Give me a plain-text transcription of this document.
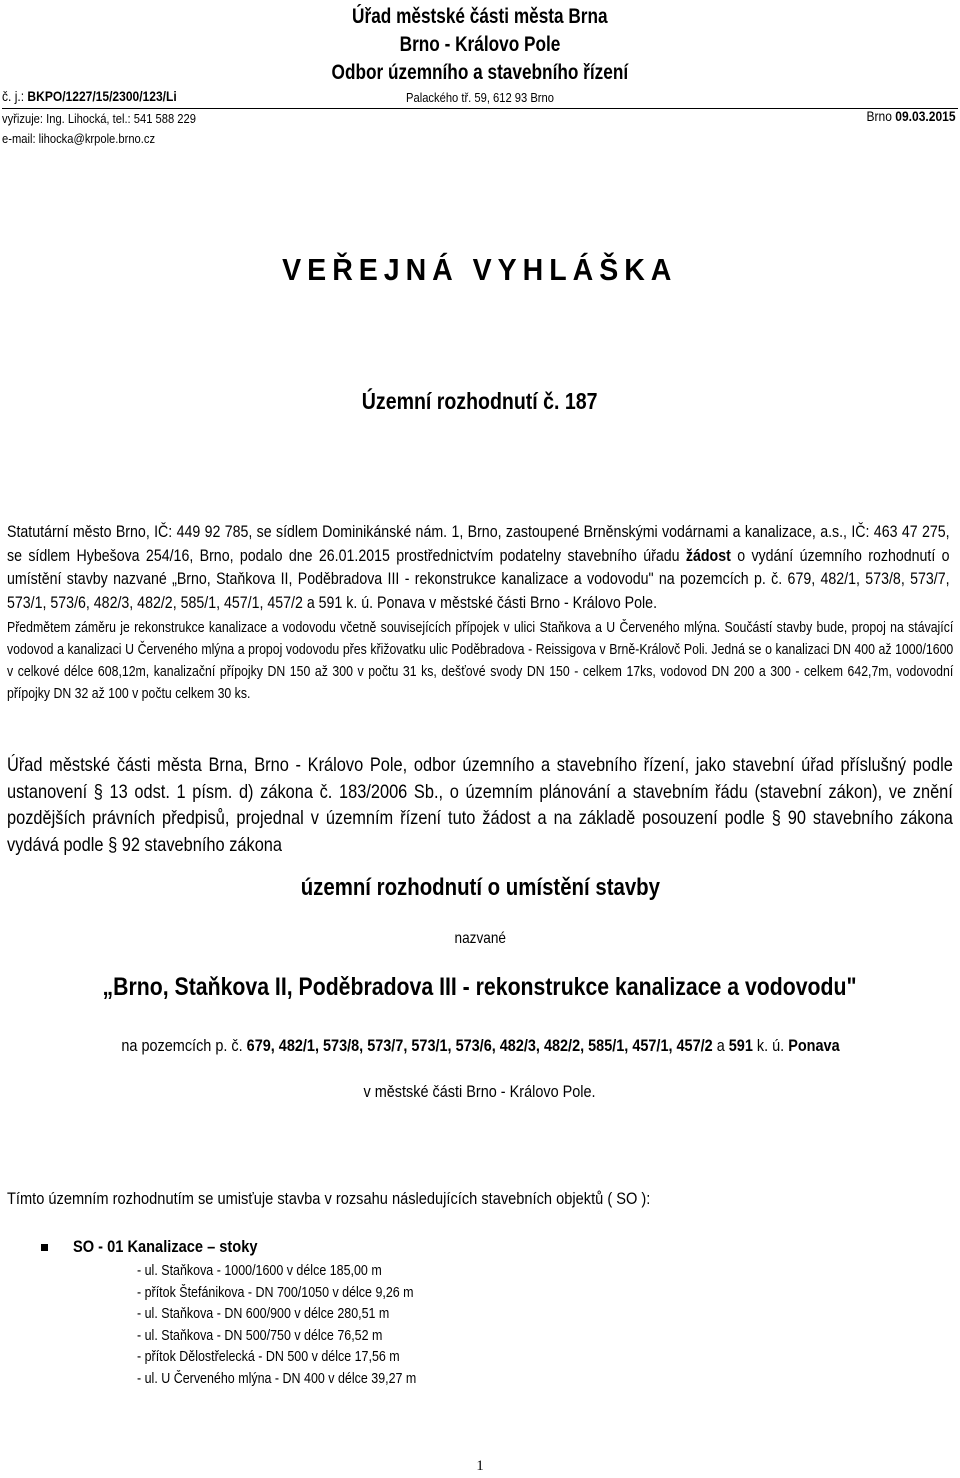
Úřad městské části města Brna
Brno - Královo Pole
Odbor územního a stavebního řízení
Palackého tř. 59, 612 93 Brno
č. j.: BKPO/1227/15/2300/123/Li
Brno 09.03.2015
vyřizuje: Ing. Lihocká, tel.: 541 588 229
e-mail: lihocka@krpole.brno.cz
VEŘEJNÁ VYHLÁŠKA
Územní rozhodnutí č. 187
Statutární město Brno, IČ: 449 92 785, se sídlem Dominikánské nám. 1, Brno, zastoupené Brněnskými vodárnami a kanalizace, a.s., IČ: 463 47 275, se sídlem Hybešova 254/16, Brno, podalo dne 26.01.2015 prostřednictvím podatelny stavebního úřadu žádost o vydání územního rozhodnutí o umístění stavby nazvané „Brno, Staňkova II, Poděbradova III - rekonstrukce kanalizace a vodovodu" na pozemcích p. č. 679, 482/1, 573/8, 573/7, 573/1, 573/6, 482/3, 482/2, 585/1, 457/1, 457/2 a 591 k. ú. Ponava v městské části Brno - Královo Pole.
Předmětem záměru je rekonstrukce kanalizace a vodovodu včetně souvisejících přípojek v ulici Staňkova a U Červeného mlýna. Součástí stavby bude, propoj na stávající vodovod a kanalizaci U Červeného mlýna a propoj vodovodu přes křižovatku ulic Poděbradova - Reissigova v Brně-Královč Poli. Jedná se o kanalizaci DN 400 až 1000/1600 v celkové délce 608,12m, kanalizační přípojky DN 150 až 300 v počtu 31 ks, dešťové svody DN 150 - celkem 17ks, vodovod DN 200 a 300 - celkem 642,7m, vodovodní přípojky DN 32 až 100 v počtu celkem 30 ks.
Úřad městské části města Brna, Brno - Královo Pole, odbor územního a stavebního řízení, jako stavební úřad příslušný podle ustanovení § 13 odst. 1 písm. d) zákona č. 183/2006 Sb., o územním plánování a stavebním řádu (stavební zákon), ve znění pozdějších právních předpisů, projednal v územním řízení tuto žádost a na základě posouzení podle § 90 stavebního zákona vydává podle § 92 stavebního zákona
územní rozhodnutí o umístění stavby
nazvané
„Brno, Staňkova II, Poděbradova III - rekonstrukce kanalizace a vodovodu"
na pozemcích p. č. 679, 482/1, 573/8, 573/7, 573/1, 573/6, 482/3, 482/2, 585/1, 457/1, 457/2 a 591 k. ú. Ponava
v městské části Brno - Královo Pole.
Tímto územním rozhodnutím se umisťuje stavba v rozsahu následujících stavebních objektů ( SO ):
SO - 01 Kanalizace – stoky
- ul. Staňkova - 1000/1600 v délce 185,00 m
- přítok Štefánikova - DN 700/1050 v délce 9,26 m
- ul. Staňkova - DN 600/900 v délce 280,51 m
- ul. Staňkova - DN 500/750 v délce 76,52 m
- přítok Dělostřelecká - DN 500 v délce 17,56 m
- ul. U Červeného mlýna - DN 400 v délce 39,27 m
1
